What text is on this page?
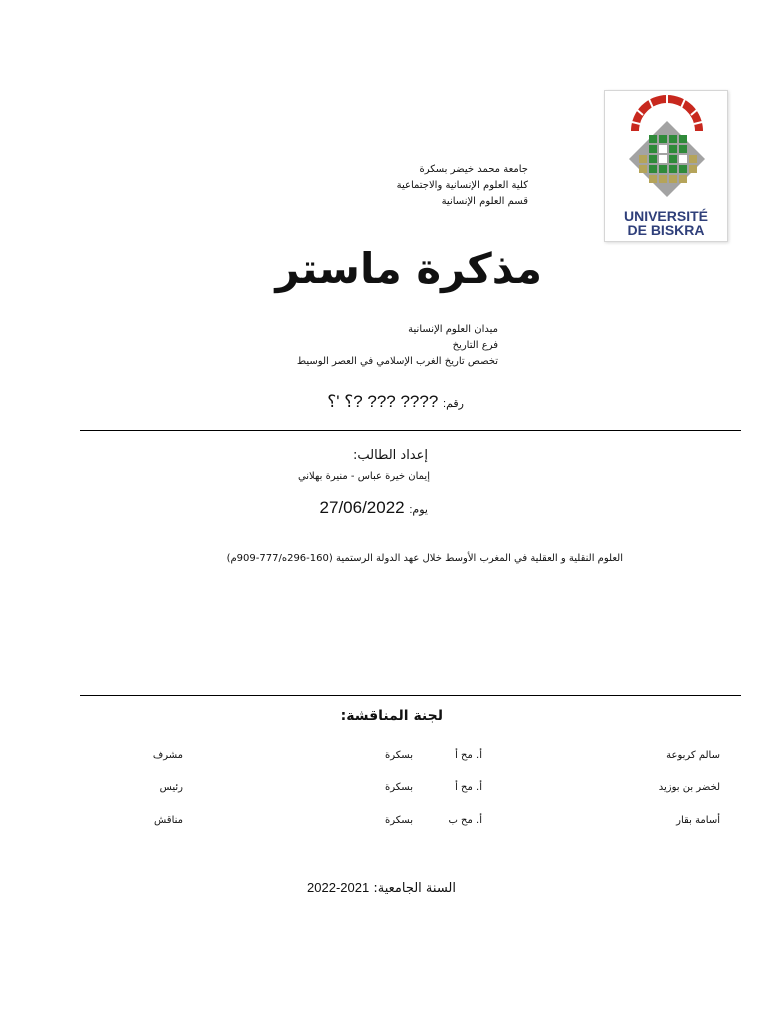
UNIVERSITÉ
DE BISKRA
جامعة محمد خيضر بسكرة
كلية العلوم الإنسانية والاجتماعية
قسم العلوم الإنسانية
مذكرة ماستر
ميدان العلوم الإنسانية
فرع التاريخ
تخصص تاريخ الغرب الإسلامي في العصر الوسيط
رقم: ???? ??? ?؟ '؟
إعداد الطالب:
إيمان خيرة عباس - منيرة بهلاني
يوم: 27/06/2022
العلوم النقلية و العقلية في المغرب الأوسط خلال عهد الدولة الرستمية (160-296ه/777-909م)
لجنة المناقشة:
سالم كربوعة
أ. مح أ
بسكرة
مشرف
لخضر بن بوزيد
أ. مح أ
بسكرة
رئيس
أسامة بقار
أ. مح ب
بسكرة
مناقش
السنة الجامعية: 2021-2022
